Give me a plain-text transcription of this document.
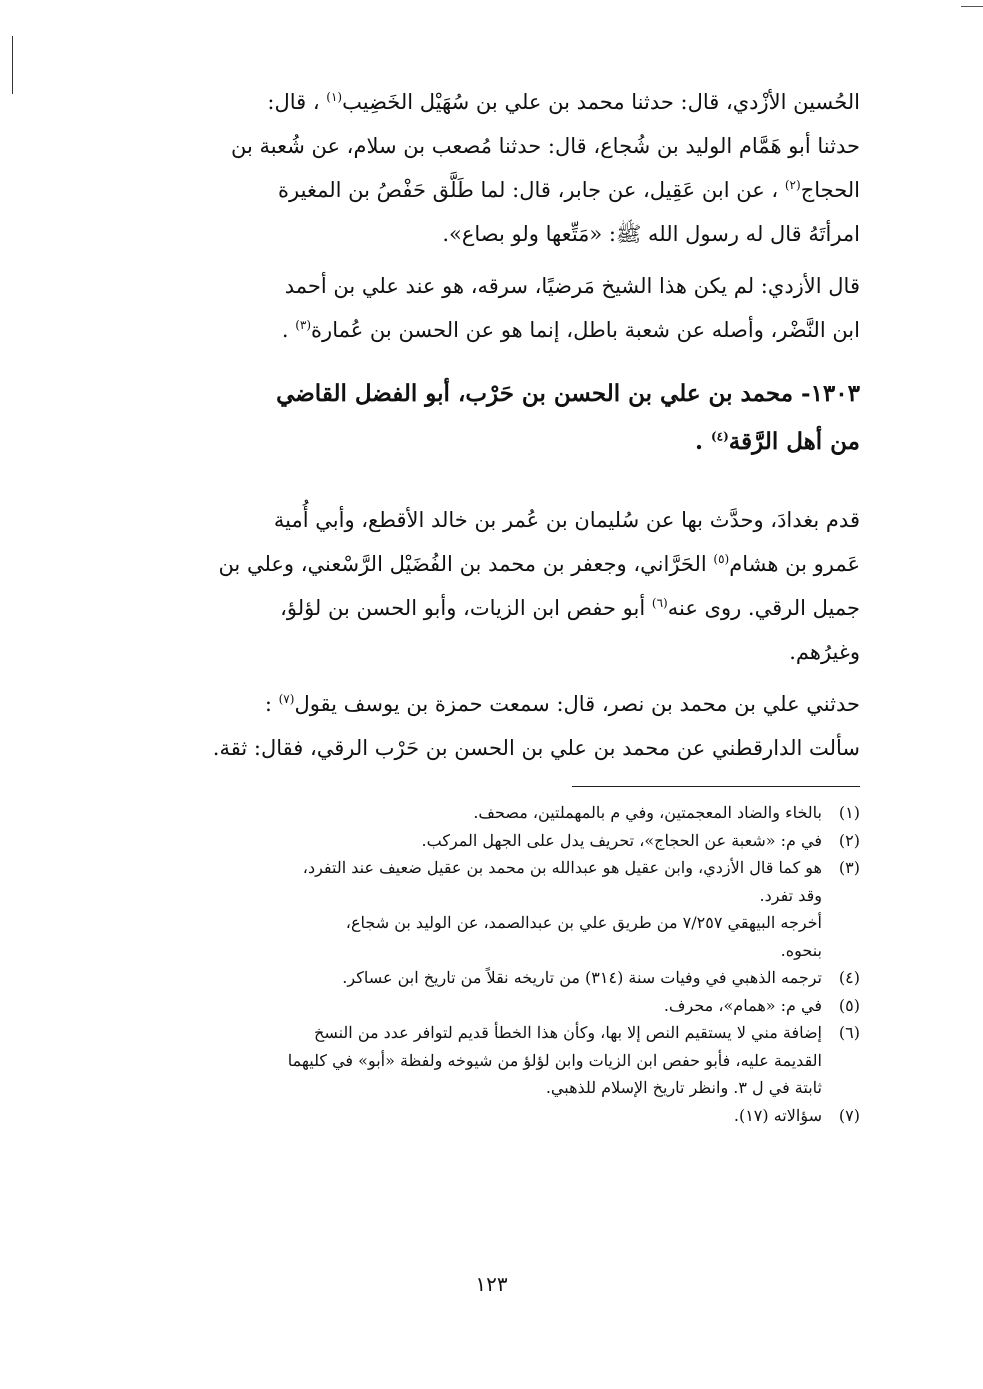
الحُسين الأزْدي، قال: حدثنا محمد بن علي بن سُهَيْل الخَضِيب$^{(١)}$ ، قال:
حدثنا أبو هَمَّام الوليد بن شُجاع، قال: حدثنا مُصعب بن سلام، عن شُعبة بن
الحجاج$^{(٢)}$ ، عن ابن عَقِيل، عن جابر، قال: لما طَلَّق حَفْصُ بن المغيرة
امرأتَهُ قال له رسول الله ﷺ: «مَتِّعها ولو بصاع».
قال الأزدي: لم يكن هذا الشيخ مَرضيًا، سرقه، هو عند علي بن أحمد
ابن النَّضْر، وأصله عن شعبة باطل، إنما هو عن الحسن بن عُمارة$^{(٣)}$ .
١٣٠٣- محمد بن علي بن الحسن بن حَرْب، أبو الفضل القاضي
من أهل الرَّقة$^{(٤)}$ .
قدم بغدادَ، وحدَّث بها عن سُليمان بن عُمر بن خالد الأقطع، وأبي أُمية
عَمرو بن هشام$^{(٥)}$ الحَرَّاني، وجعفر بن محمد بن الفُضَيْل الرَّسْعني، وعلي بن
جميل الرقي. روى عنه$^{(٦)}$ أبو حفص ابن الزيات، وأبو الحسن بن لؤلؤ،
وغيرُهم.
حدثني علي بن محمد بن نصر، قال: سمعت حمزة بن يوسف يقول$^{(٧)}$ :
سألت الدارقطني عن محمد بن علي بن الحسن بن حَرْب الرقي، فقال: ثقة.
(١)
بالخاء والضاد المعجمتين، وفي م بالمهملتين، مصحف.
(٢)
في م: «شعبة عن الحجاج»، تحريف يدل على الجهل المركب.
(٣)
هو كما قال الأزدي، وابن عقيل هو عبدالله بن محمد بن عقيل ضعيف عند التفرد،
وقد تفرد.
أخرجه البيهقي ٧/٢٥٧ من طريق علي بن عبدالصمد، عن الوليد بن شجاع،
بنحوه.
(٤)
ترجمه الذهبي في وفيات سنة (٣١٤) من تاريخه نقلاً من تاريخ ابن عساكر.
(٥)
في م: «همام»، محرف.
(٦)
إضافة مني لا يستقيم النص إلا بها، وكأن هذا الخطأ قديم لتوافر عدد من النسخ
القديمة عليه، فأبو حفص ابن الزيات وابن لؤلؤ من شيوخه ولفظة «أبو» في كليهما
ثابتة في ل ٣. وانظر تاريخ الإسلام للذهبي.
(٧)
سؤالاته (١٧).
١٢٣
